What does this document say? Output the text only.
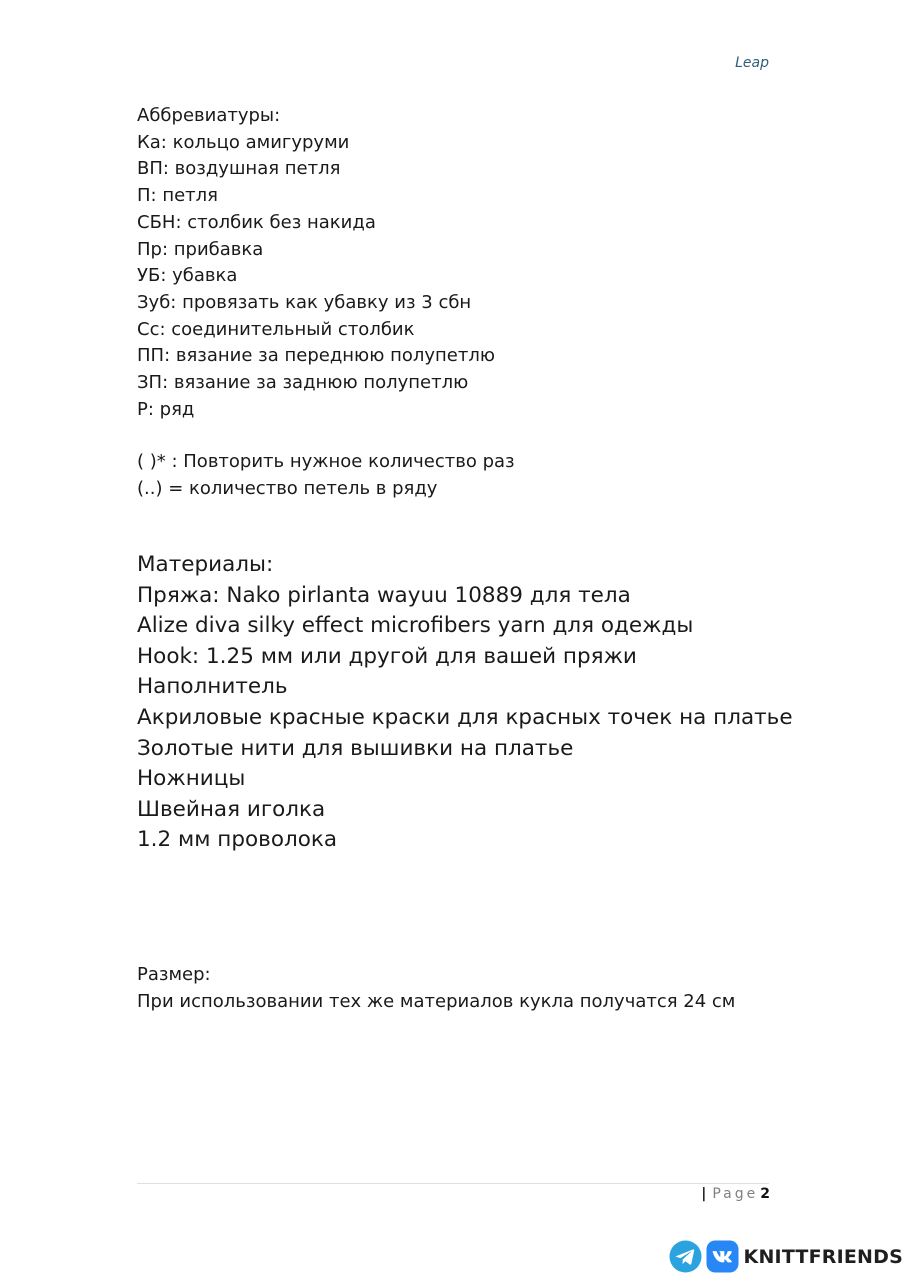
Leap
Аббревиатуры:
Ка: кольцо амигуруми
ВП: воздушная петля
П: петля
СБН: столбик без накида
Пр: прибавка
УБ: убавка
Зуб: провязать как убавку из 3 сбн
Сс: соединительный столбик
ПП: вязание за переднюю полупетлю
ЗП: вязание за заднюю полупетлю
Р: ряд
( )* : Повторить нужное количество раз
(..) = количество петель в ряду
Материалы:
Пряжа: Nako pirlanta wayuu 10889 для тела
Alize diva silky effect microfibers yarn для одежды
Hook: 1.25 мм или другой для вашей пряжи
Наполнитель
Акриловые красные краски для красных точек на платье
Золотые нити для вышивки на платье
Ножницы
Швейная иголка
1.2 мм проволока
Размер:
При использовании тех же материалов кукла получатся 24 см
| Page 2
KNITTFRIENDS
